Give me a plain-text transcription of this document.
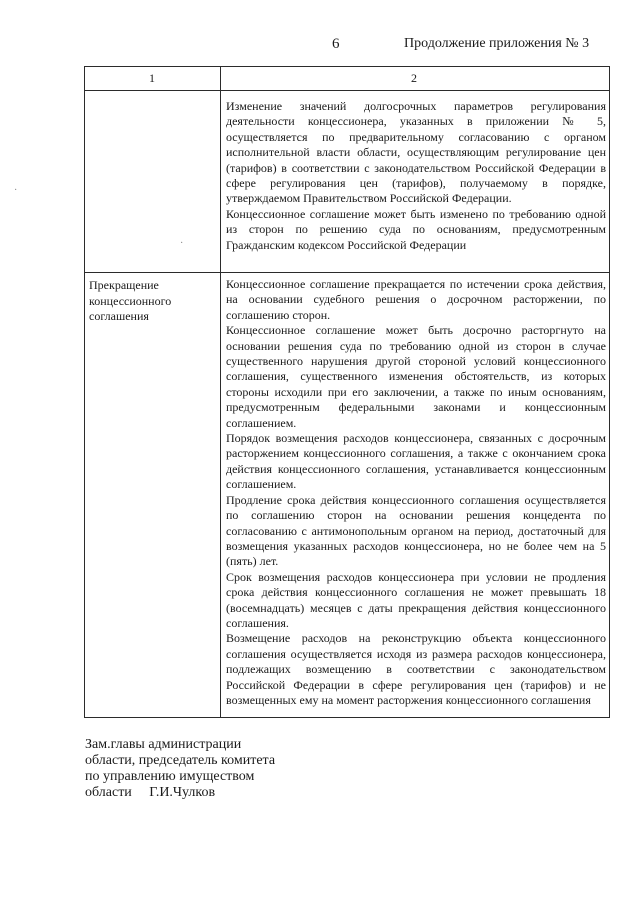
6	Продолжение приложения № 3
1	2

Изменение значений долгосрочных параметров регулирования деятельности концессионера, указанных в приложении № 5, осуществляется по предварительному согласованию с органом исполнительной власти области, осуществляющим регулирование цен (тарифов) в соответствии с законодательством Российской Федерации в сфере регулирования цен (тарифов), получаемому в порядке, утверждаемом Правительством Российской Федерации.

Концессионное соглашение может быть изменено по требованию одной из сторон по решению суда по основаниям, предусмотренным Гражданским кодексом Российской Федерации

Прекращение концессионного соглашения

Концессионное соглашение прекращается по истечении срока действия, на основании судебного решения о досрочном расторжении, по соглашению сторон.

Концессионное соглашение может быть досрочно расторгнуто на основании решения суда по требованию одной из сторон в случае существенного нарушения другой стороной условий концессионного соглашения, существенного изменения обстоятельств, из которых стороны исходили при его заключении, а также по иным основаниям, предусмотренным федеральными законами и концессионным соглашением.

Порядок возмещения расходов концессионера, связанных с досрочным расторжением концессионного соглашения, а также с окончанием срока действия концессионного соглашения, устанавливается концессионным соглашением.

Продление срока действия концессионного соглашения осуществляется по соглашению сторон на основании решения концедента по согласованию с антимонопольным органом на период, достаточный для возмещения указанных расходов концессионера, но не более чем на 5 (пять) лет.

Срок возмещения расходов концессионера при условии не продления срока действия концессионного соглашения не может превышать 18 (восемнадцать) месяцев с даты прекращения действия концессионного соглашения.

Возмещение расходов на реконструкцию объекта концессионного соглашения осуществляется исходя из размера расходов концессионера, подлежащих возмещению в соответствии с законодательством Российской Федерации в сфере регулирования цен (тарифов) и не возмещенных ему на момент расторжения концессионного соглашения

Зам.главы администрации
области, председатель комитета
по управлению имуществом
области     Г.И.Чулков
·
·
